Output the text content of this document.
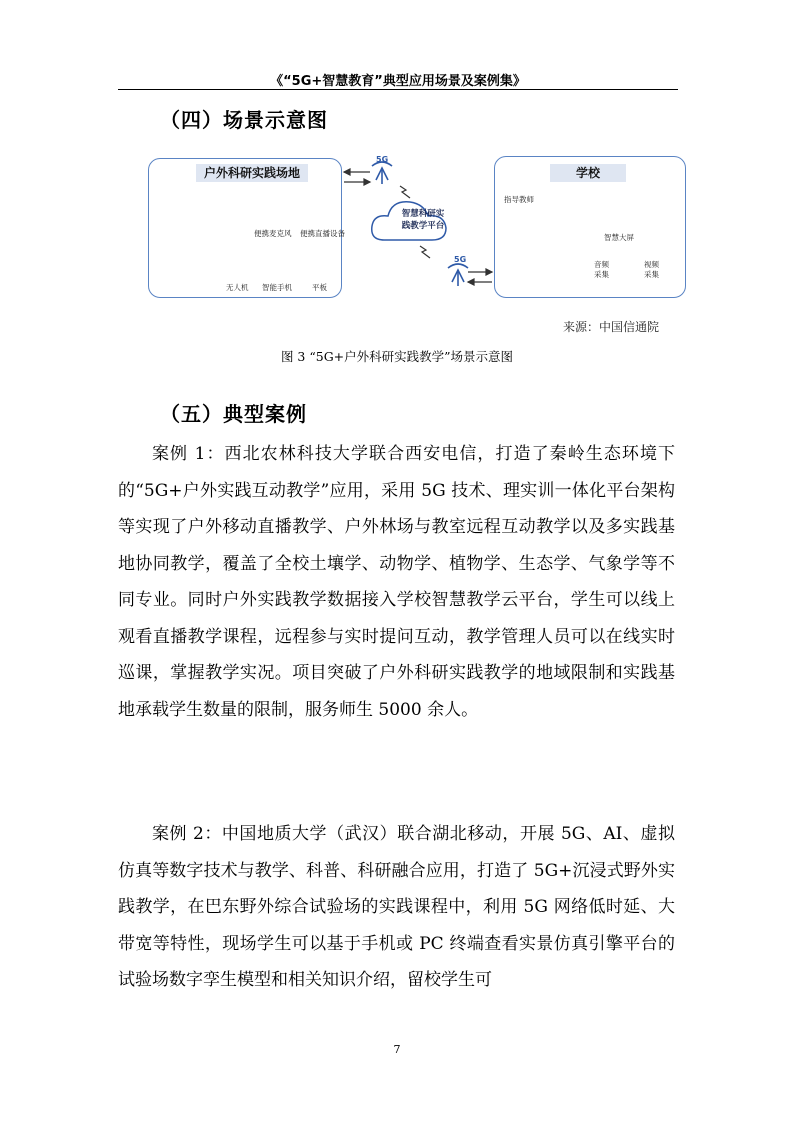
《“5G+智慧教育”典型应用场景及案例集》
（四）场景示意图
5G
5G
户外科研实践场地	学校
便携麦克风 便携直播设备
无人机 智能手机	平板
智慧科研实
践教学平台
指导教师
智慧大屏
音频
采集
视频
采集
来源：中国信通院
图 3 “5G+户外科研实践教学”场景示意图
（五）典型案例

案例 1：西北农林科技大学联合西安电信，打造了秦岭生态环境下的“5G+户外实践互动教学”应用，采用 5G 技术、理实训一体化平台架构等实现了户外移动直播教学、户外林场与教室远程互动教学以及多实践基地协同教学，覆盖了全校土壤学、动物学、植物学、生态学、气象学等不同专业。同时户外实践教学数据接入学校智慧教学云平台，学生可以线上观看直播教学课程，远程参与实时提问互动，教学管理人员可以在线实时巡课，掌握教学实况。项目突破了户外科研实践教学的地域限制和实践基地承载学生数量的限制，服务师生 5000 余人。

案例 2：中国地质大学（武汉）联合湖北移动，开展 5G、AI、虚拟仿真等数字技术与教学、科普、科研融合应用，打造了 5G+沉浸式野外实践教学，在巴东野外综合试验场的实践课程中，利用 5G 网络低时延、大带宽等特性，现场学生可以基于手机或 PC 终端查看实景仿真引擎平台的试验场数字孪生模型和相关知识介绍，留校学生可

7
